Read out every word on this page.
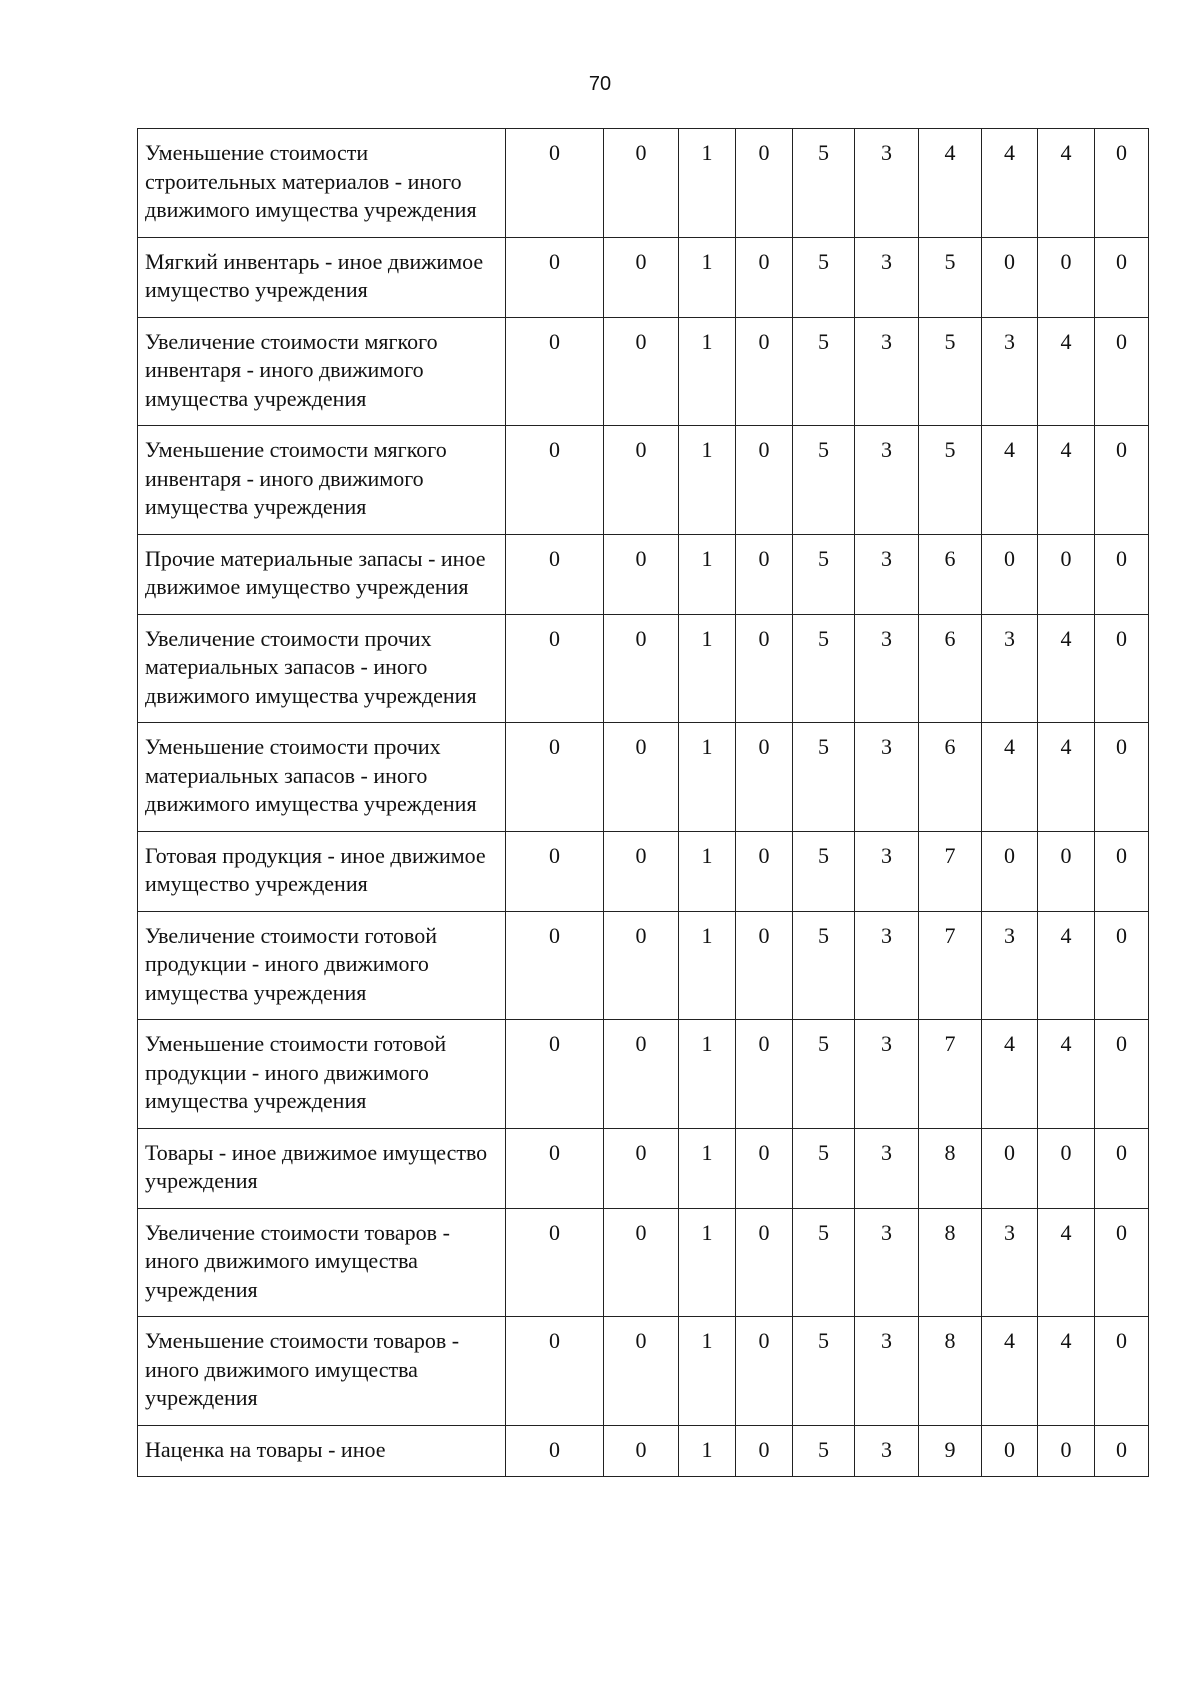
70
Уменьшение стоимости строительных материалов - иного движимого имущества учреждения	0	0	1	0	5	3	4	4	4	0
Мягкий инвентарь - иное движимое имущество учреждения	0	0	1	0	5	3	5	0	0	0
Увеличение стоимости мягкого инвентаря - иного движимого имущества учреждения	0	0	1	0	5	3	5	3	4	0
Уменьшение стоимости мягкого инвентаря - иного движимого имущества учреждения	0	0	1	0	5	3	5	4	4	0
Прочие материальные запасы - иное движимое имущество учреждения	0	0	1	0	5	3	6	0	0	0
Увеличение стоимости прочих материальных запасов - иного движимого имущества учреждения	0	0	1	0	5	3	6	3	4	0
Уменьшение стоимости прочих материальных запасов - иного движимого имущества учреждения	0	0	1	0	5	3	6	4	4	0
Готовая продукция - иное движимое имущество учреждения	0	0	1	0	5	3	7	0	0	0
Увеличение стоимости готовой продукции - иного движимого имущества учреждения	0	0	1	0	5	3	7	3	4	0
Уменьшение стоимости готовой продукции - иного движимого имущества учреждения	0	0	1	0	5	3	7	4	4	0
Товары - иное движимое имущество учреждения	0	0	1	0	5	3	8	0	0	0
Увеличение стоимости товаров - иного движимого имущества учреждения	0	0	1	0	5	3	8	3	4	0
Уменьшение стоимости товаров - иного движимого имущества учреждения	0	0	1	0	5	3	8	4	4	0
Наценка на товары - иное	0	0	1	0	5	3	9	0	0	0
